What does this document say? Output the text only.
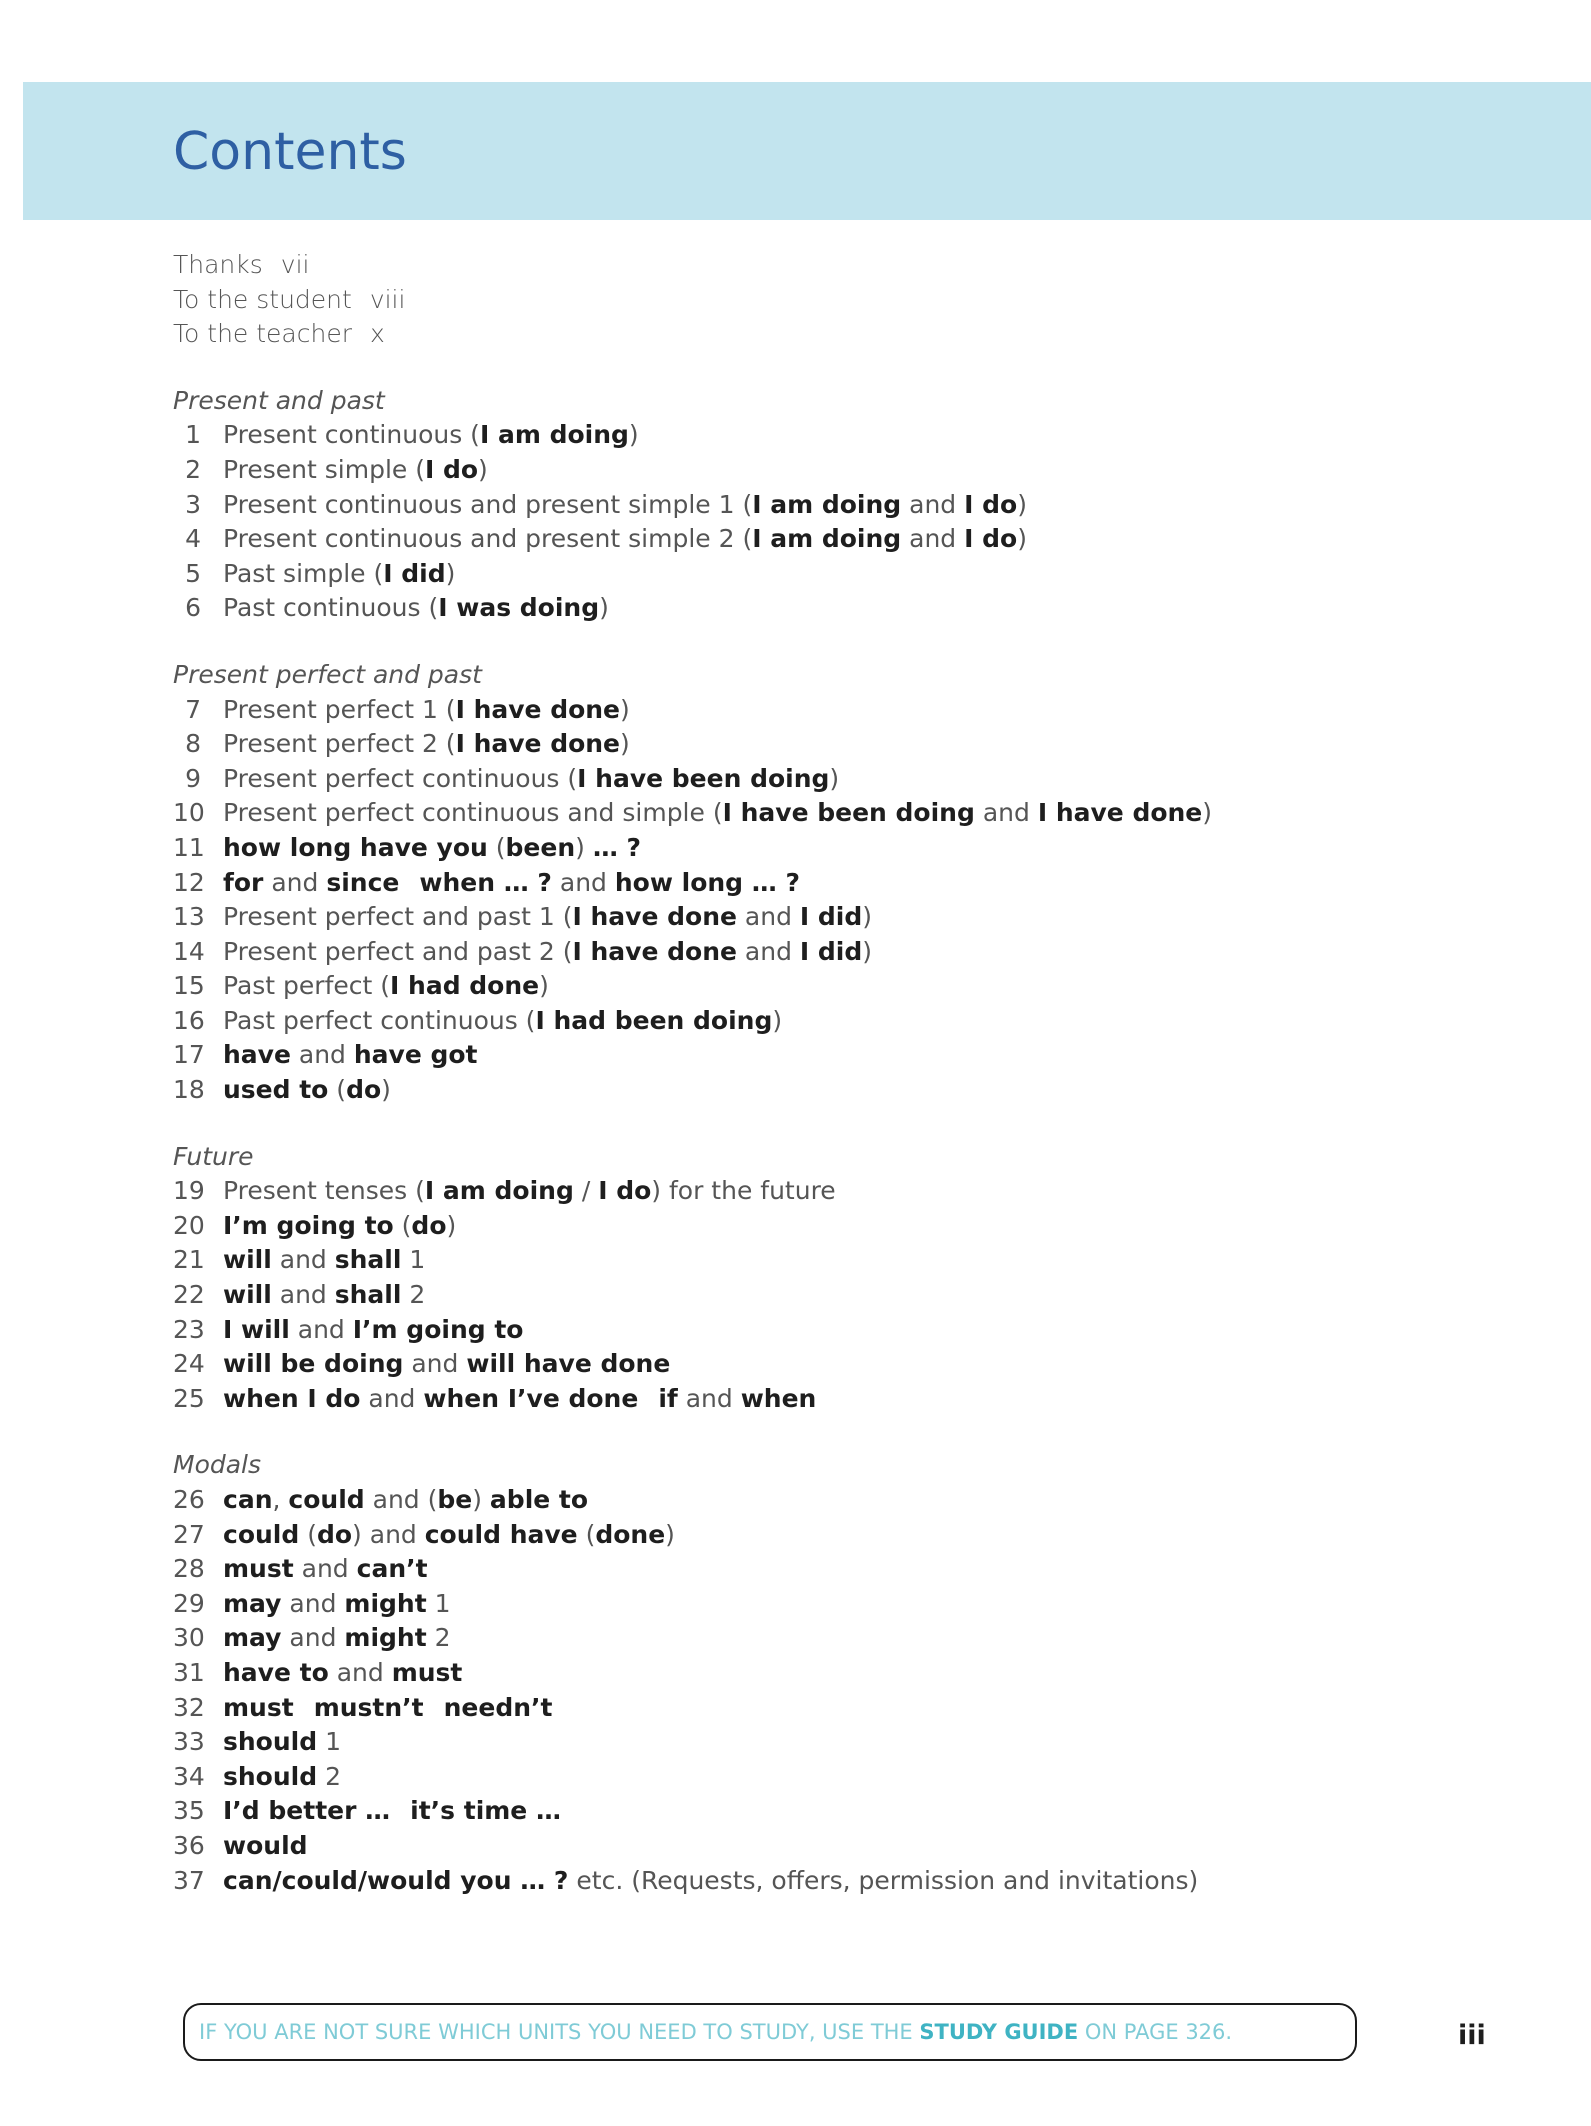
Contents
Thanks vii
To the student viii
To the teacher x
Present and past
1 Present continuous (I am doing)
2 Present simple (I do)
3 Present continuous and present simple 1 (I am doing and I do)
4 Present continuous and present simple 2 (I am doing and I do)
5 Past simple (I did)
6 Past continuous (I was doing)
Present perfect and past
7 Present perfect 1 (I have done)
8 Present perfect 2 (I have done)
9 Present perfect continuous (I have been doing)
10 Present perfect continuous and simple (I have been doing and I have done)
11 how long have you (been) … ?
12 for and since when … ? and how long … ?
13 Present perfect and past 1 (I have done and I did)
14 Present perfect and past 2 (I have done and I did)
15 Past perfect (I had done)
16 Past perfect continuous (I had been doing)
17 have and have got
18 used to (do)
Future
19 Present tenses (I am doing / I do) for the future
20 I’m going to (do)
21 will and shall 1
22 will and shall 2
23 I will and I’m going to
24 will be doing and will have done
25 when I do and when I’ve done if and when
Modals
26 can, could and (be) able to
27 could (do) and could have (done)
28 must and can’t
29 may and might 1
30 may and might 2
31 have to and must
32 must mustn’t needn’t
33 should 1
34 should 2
35 I’d better … it’s time …
36 would
37 can/could/would you … ? etc. (Requests, offers, permission and invitations)
IF YOU ARE NOT SURE WHICH UNITS YOU NEED TO STUDY, USE THE STUDY GUIDE ON PAGE 326.	iii
